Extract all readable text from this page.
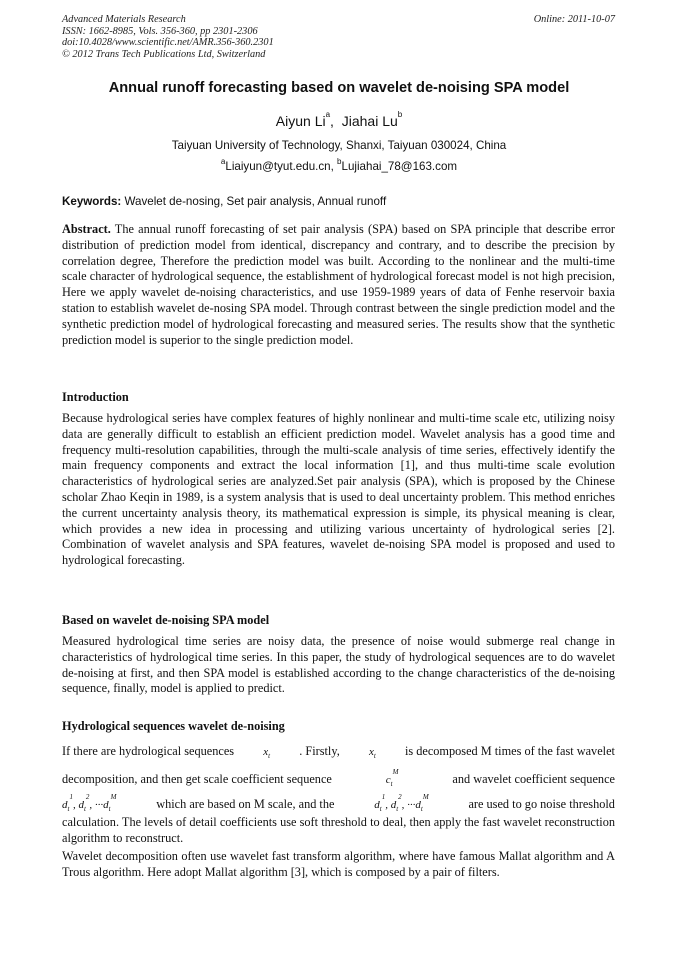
Advanced Materials Research
ISSN: 1662-8985, Vols. 356-360, pp 2301-2306
doi:10.4028/www.scientific.net/AMR.356-360.2301
© 2012 Trans Tech Publications Ltd, Switzerland
Online: 2011-10-07
Annual runoff forecasting based on wavelet de-noising SPA model
Aiyun Li$^a$, Jiahai Lu$^b$
Taiyuan University of Technology, Shanxi, Taiyuan 030024, China
$^a$Liaiyun@tyut.edu.cn, $^b$Lujiahai_78@163.com
Keywords: Wavelet de-nosing, Set pair analysis, Annual runoff
Abstract. The annual runoff forecasting of set pair analysis (SPA) based on SPA principle that describe error distribution of prediction model from identical, discrepancy and contrary, and to describe the precision by correlation degree, Therefore the prediction model was built. According to the nonlinear and the multi-time scale character of hydrological sequence, the establishment of hydrological forecast model is not high precision, Here we apply wavelet de-noising characteristics, and use 1959-1989 years of data of Fenhe reservoir baxia station to establish wavelet de-nosing SPA model. Through contrast between the single prediction model and the synthetic prediction model of hydrological forecasting and measured series. The results show that the synthetic prediction model is superior to the single prediction model.
Introduction
Because hydrological series have complex features of highly nonlinear and multi-time scale etc, utilizing noisy data are generally difficult to establish an efficient prediction model. Wavelet analysis has a good time and frequency multi-resolution capabilities, through the multi-scale analysis of time series, effectively identify the main frequency components and extract the local information [1], and thus multi-time scale evolution characteristics of hydrological series are analyzed.Set pair analysis (SPA), which is proposed by the Chinese scholar Zhao Keqin in 1989, is a system analysis that is used to deal uncertainty problem. This method enriches the current uncertainty analysis theory, its mathematical expression is simple, its physical meaning is clear, which provides a new idea in processing and utilizing various uncertainty of hydrological series [2]. Combination of wavelet analysis and SPA features, wavelet de-noising SPA model is proposed and used to hydrological forecasting.
Based on wavelet de-noising SPA model
Measured hydrological time series are noisy data, the presence of noise would submerge real change in characteristics of hydrological time series. In this paper, the study of hydrological sequences are to do wavelet de-noising at first, and then SPA model is established according to the change characteristics of the de-noising sequence, finally, model is applied to predict.
Hydrological sequences wavelet de-noising
If there are hydrological sequences	$x_t$ . Firstly,	$x_t$ is decomposed M times of the fast wavelet
decomposition, and then get scale coefficient sequence	$c_t^M$	and wavelet coefficient sequence
$d_t^1$, $d_t^2$, $\cdot\cdot\cdot d_t^M$	which are based on M scale, and the	$d_t^1$, $d_t^2$, $\cdot\cdot\cdot d_t^M$	are used to go noise threshold
calculation. The levels of detail coefficients use soft threshold to deal, then apply the fast wavelet reconstruction algorithm to reconstruct.
Wavelet decomposition often use wavelet fast transform algorithm, where have famous Mallat algorithm and A Trous algorithm. Here adopt Mallat algorithm [3], which is composed by a pair of filters.
